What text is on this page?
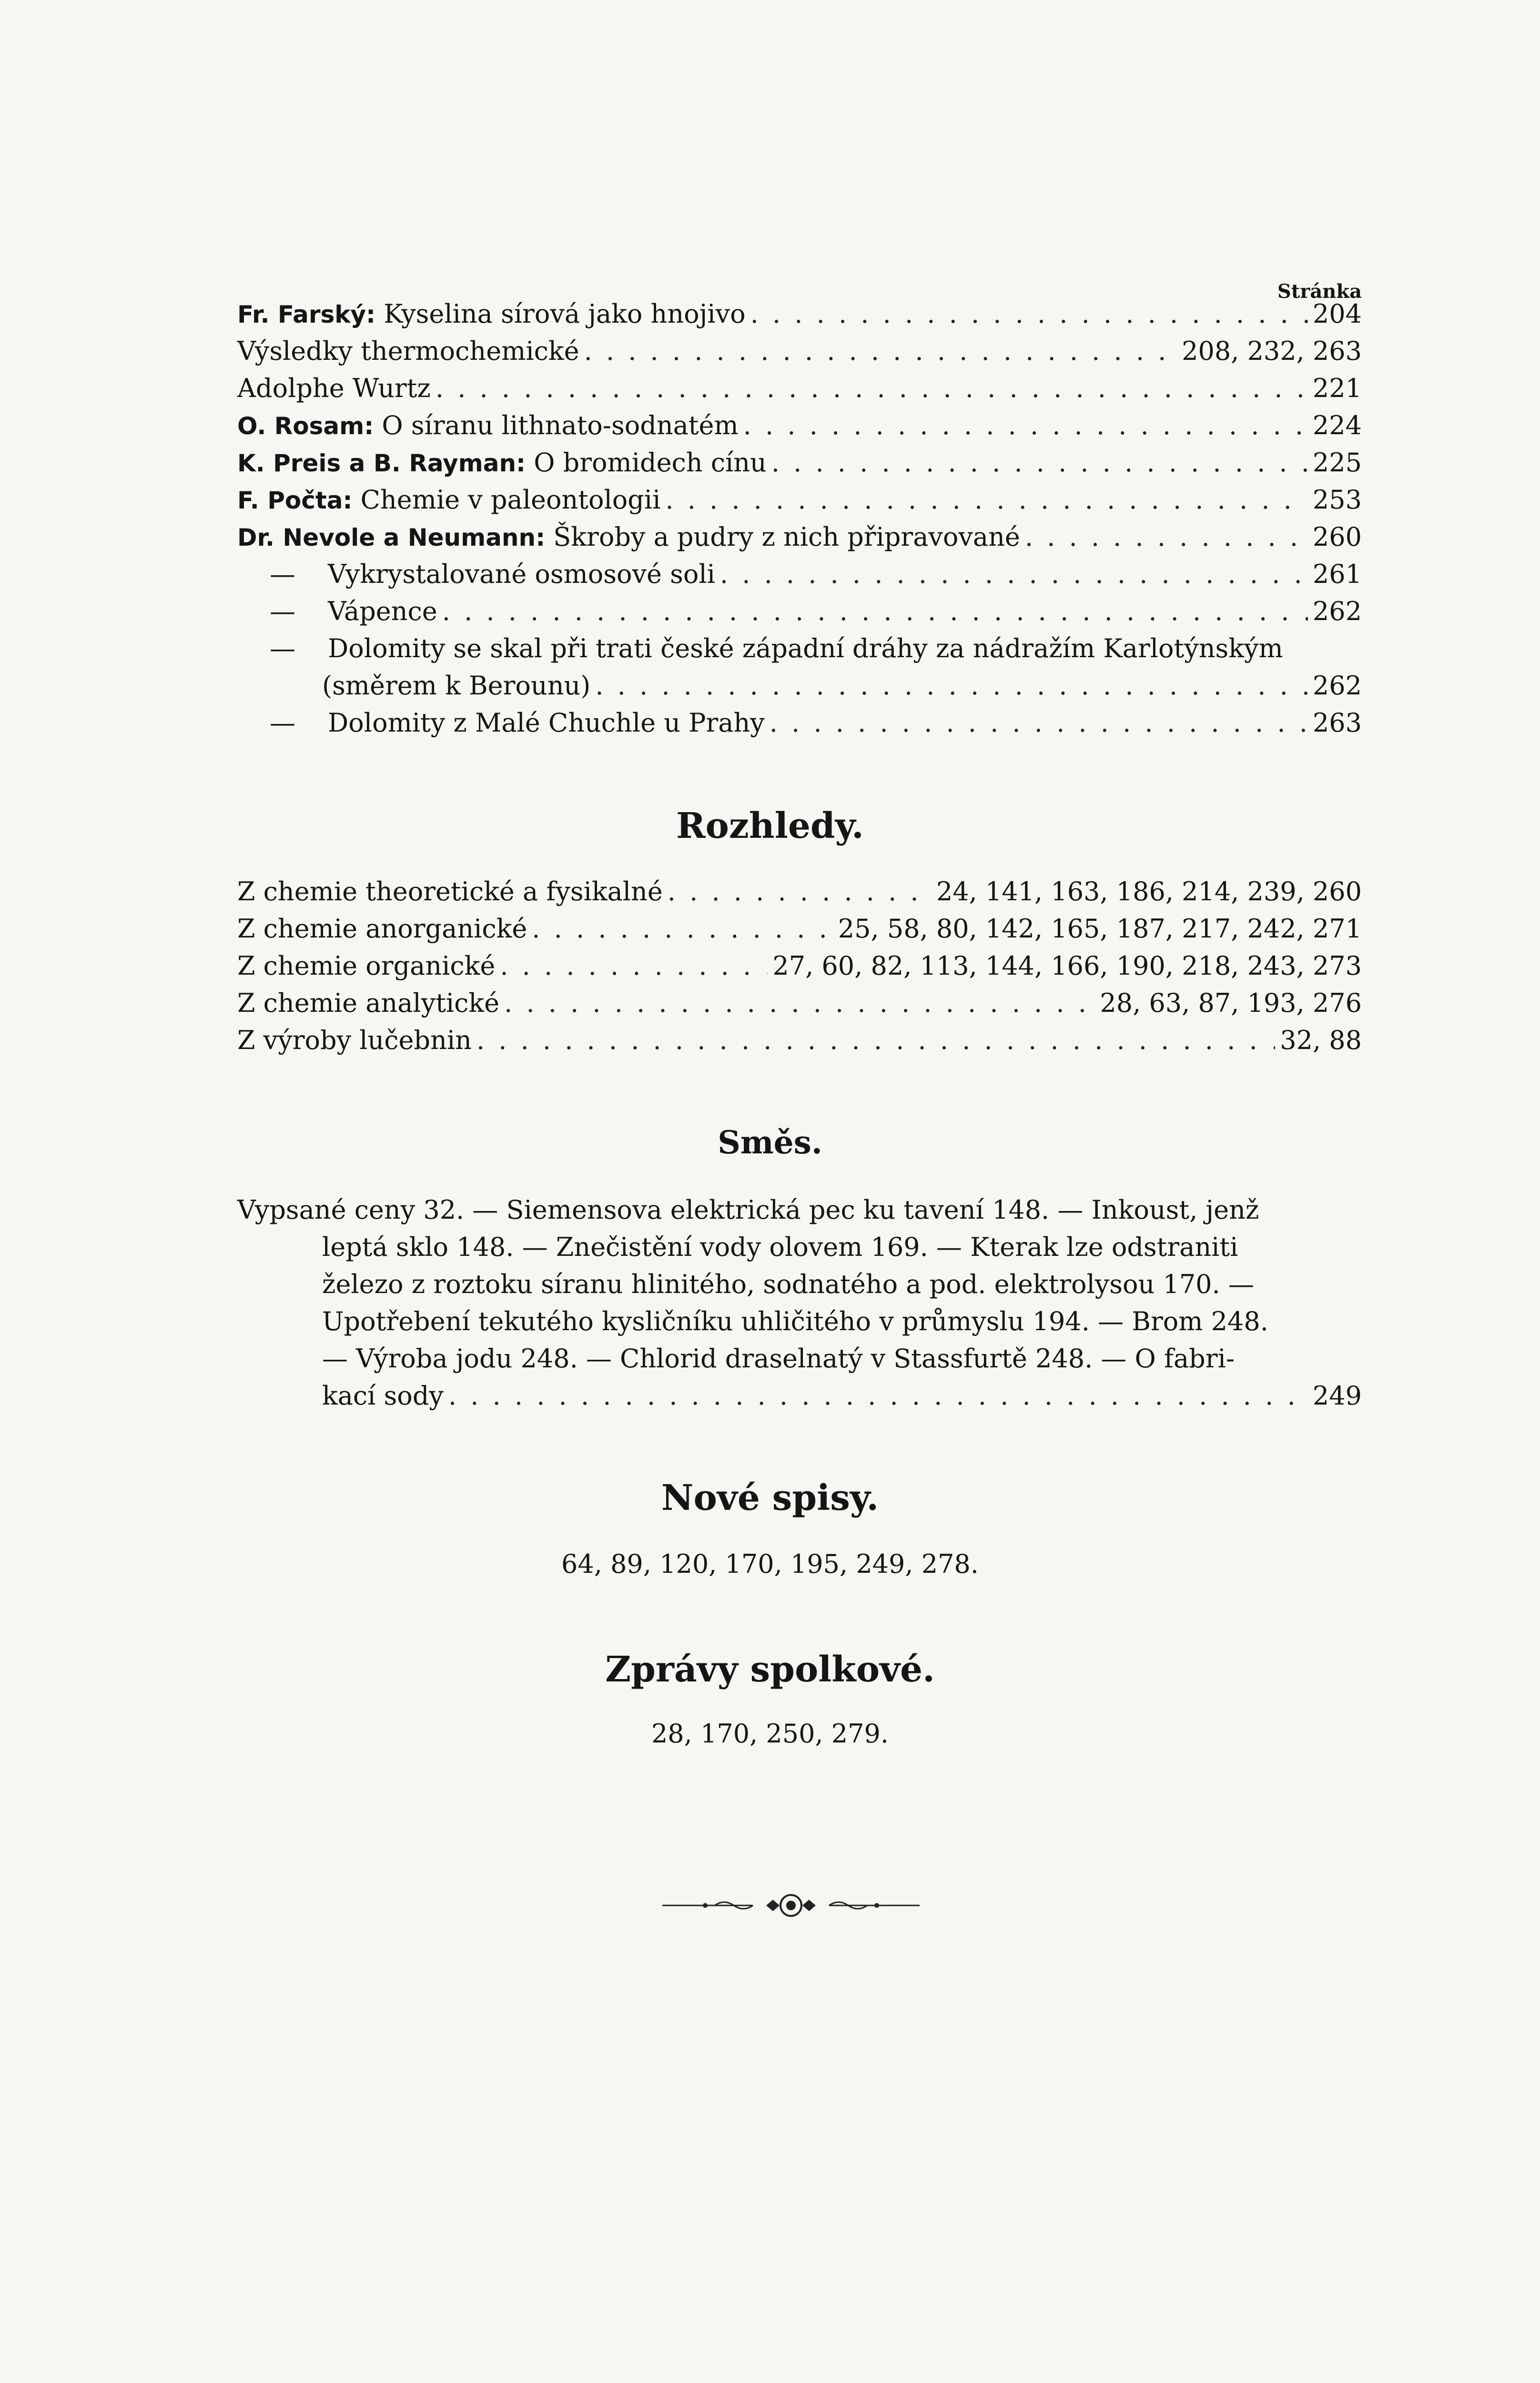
Stránka
Fr. Farský: Kyselina sírová jako hnojivo . . .	204
Výsledky thermochemické . . .	208, 232, 263
Adolphe Wurtz . . .	221
O. Rosam: O síranu lithnato-sodnatém . . .	224
K. Preis a B. Rayman: O bromidech cínu . . .	225
F. Počta: Chemie v paleontologii . . .	253
Dr. Nevole a Neumann: Škroby a pudry z nich připravované . . .	260
— Vykrystalované osmosové soli . . .	261
— Vápence . . .	262
— Dolomity se skal při trati české západní dráhy za nádražím Karlotýnským
(směrem k Berounu) . . .	262
— Dolomity z Malé Chuchle u Prahy . . .	263
Rozhledy.
Z chemie theoretické a fysikalné . . .	24, 141, 163, 186, 214, 239, 260
Z chemie anorganické . . .	25, 58, 80, 142, 165, 187, 217, 242, 271
Z chemie organické . . .	27, 60, 82, 113, 144, 166, 190, 218, 243, 273
Z chemie analytické . . .	28, 63, 87, 193, 276
Z výroby lučebnin . . .	32, 88
Směs.
Vypsané ceny 32. — Siemensova elektrická pec ku tavení 148. — Inkoust, jenž
leptá sklo 148. — Znečistění vody olovem 169. — Kterak lze odstraniti
železo z roztoku síranu hlinitého, sodnatého a pod. elektrolysou 170. —
Upotřebení tekutého kysličníku uhličitého v průmyslu 194. — Brom 248.
— Výroba jodu 248. — Chlorid draselnatý v Stassfurtě 248. — O fabri-
kací sody . . .	249
Nové spisy.
64, 89, 120, 170, 195, 249, 278.
Zprávy spolkové.
28, 170, 250, 279.
